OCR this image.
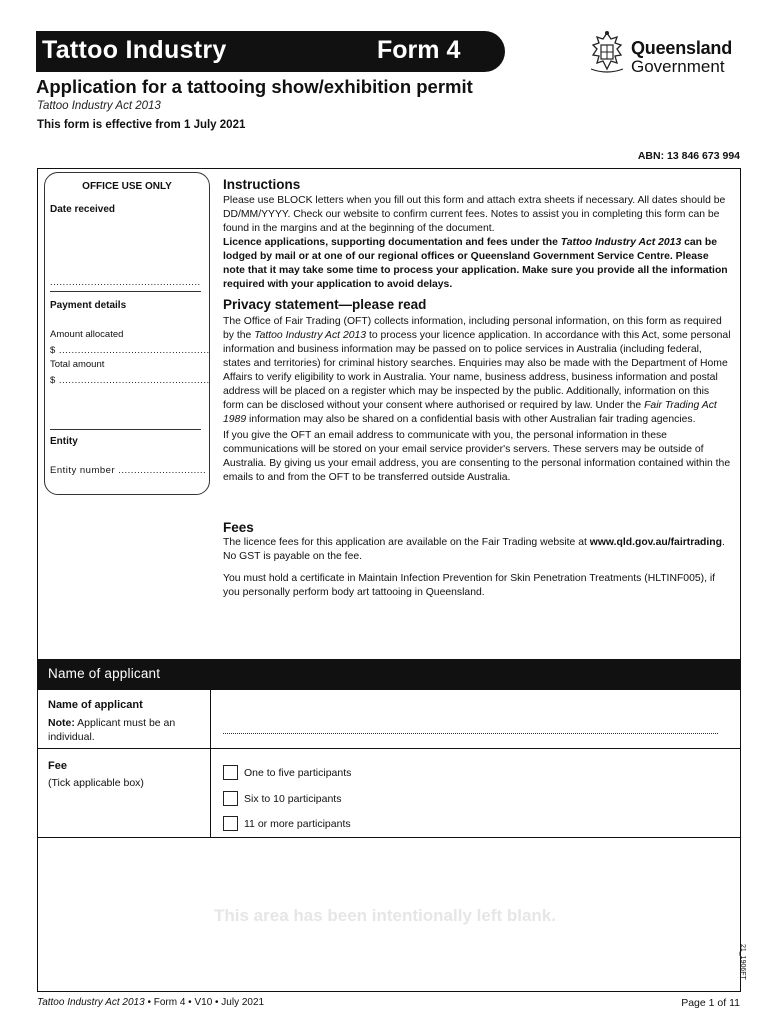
Tattoo Industry	Form 4	Queensland
Government
Application for a tattooing show/exhibition permit
Tattoo Industry Act 2013
This form is effective from 1 July 2021
ABN: 13 846 673 994
OFFICE USE ONLY
Date received
................................................
Payment details
Amount allocated
$ ................................................
Total amount
$ ................................................
Entity
Entity number ............................
Instructions
Please use BLOCK letters when you fill out this form and attach extra sheets if necessary. All dates should be DD/MM/YYYY. Check our website to confirm current fees. Notes to assist you in completing this form can be found in the margins and at the beginning of the document.
Licence applications, supporting documentation and fees under the Tattoo Industry Act 2013 can be lodged by mail or at one of our regional offices or Queensland Government Service Centre. Please note that it may take some time to process your application. Make sure you provide all the information required with your application to avoid delays.
Privacy statement—please read
The Office of Fair Trading (OFT) collects information, including personal information, on this form as required by the Tattoo Industry Act 2013 to process your licence application. In accordance with this Act, some personal information and business information may be passed on to police services in Australia (including federal, states and territories) for criminal history searches. Enquiries may also be made with the Department of Home Affairs to verify eligibility to work in Australia. Your name, business address, business information and postal address will be placed on a register which may be inspected by the public. Additionally, information on this form can be disclosed without your consent where authorised or required by law. Under the Fair Trading Act 1989 information may also be shared on a confidential basis with other Australian fair trading agencies.
If you give the OFT an email address to communicate with you, the personal information in these communications will be stored on your email service provider's servers. These servers may be outside of Australia. By giving us your email address, you are consenting to the personal information contained within the emails to and from the OFT to be transferred outside Australia.
Fees
The licence fees for this application are available on the Fair Trading website at www.qld.gov.au/fairtrading. No GST is payable on the fee.
You must hold a certificate in Maintain Infection Prevention for Skin Penetration Treatments (HLTINF005), if you personally perform body art tattooing in Queensland.
Name of applicant
Name of applicant
Note: Applicant must be an individual.
Fee
(Tick applicable box)
One to five participants
Six to 10 participants
11 or more participants
This area has been intentionally left blank.
21_1906FT
Tattoo Industry Act 2013 • Form 4 • V10 • July 2021	Page 1 of 11
